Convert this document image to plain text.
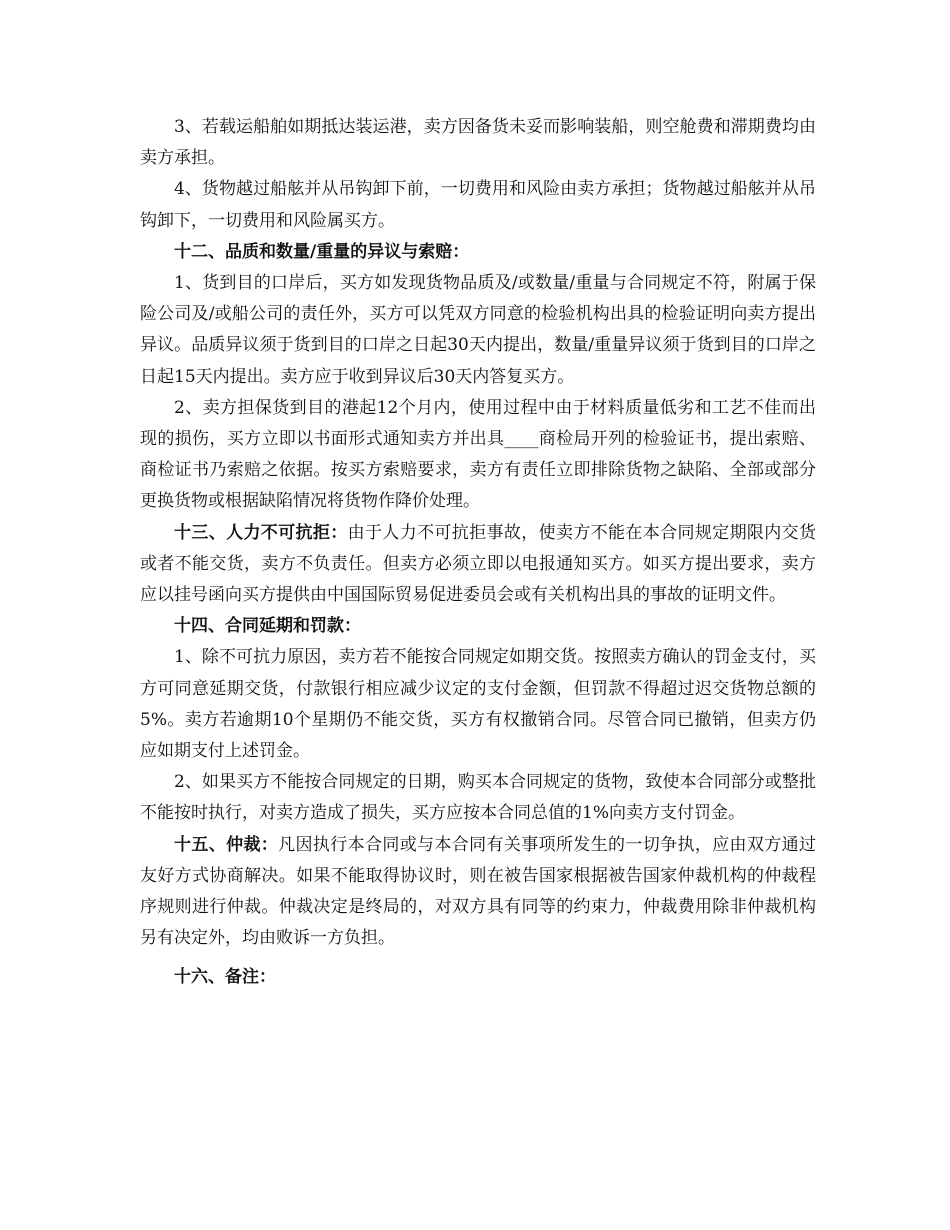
3、若载运船舶如期抵达装运港，卖方因备货未妥而影响装船，则空舱费和滞期费均由卖方承担。

4、货物越过船舷并从吊钩卸下前，一切费用和风险由卖方承担；货物越过船舷并从吊钩卸下，一切费用和风险属买方。

十二、品质和数量/重量的异议与索赔：

1、货到目的口岸后，买方如发现货物品质及/或数量/重量与合同规定不符，附属于保险公司及/或船公司的责任外，买方可以凭双方同意的检验机构出具的检验证明向卖方提出异议。品质异议须于货到目的口岸之日起30天内提出，数量/重量异议须于货到目的口岸之日起15天内提出。卖方应于收到异议后30天内答复买方。

2、卖方担保货到目的港起12个月内，使用过程中由于材料质量低劣和工艺不佳而出现的损伤，买方立即以书面形式通知卖方并出具____商检局开列的检验证书，提出索赔、商检证书乃索赔之依据。按买方索赔要求，卖方有责任立即排除货物之缺陷、全部或部分更换货物或根据缺陷情况将货物作降价处理。

十三、人力不可抗拒：由于人力不可抗拒事故，使卖方不能在本合同规定期限内交货或者不能交货，卖方不负责任。但卖方必须立即以电报通知买方。如买方提出要求，卖方应以挂号函向买方提供由中国国际贸易促进委员会或有关机构出具的事故的证明文件。

十四、合同延期和罚款：

1、除不可抗力原因，卖方若不能按合同规定如期交货。按照卖方确认的罚金支付，买方可同意延期交货，付款银行相应减少议定的支付金额，但罚款不得超过迟交货物总额的5%。卖方若逾期10个星期仍不能交货，买方有权撤销合同。尽管合同已撤销，但卖方仍应如期支付上述罚金。

2、如果买方不能按合同规定的日期，购买本合同规定的货物，致使本合同部分或整批不能按时执行，对卖方造成了损失，买方应按本合同总值的1%向卖方支付罚金。

十五、仲裁：凡因执行本合同或与本合同有关事项所发生的一切争执，应由双方通过友好方式协商解决。如果不能取得协议时，则在被告国家根据被告国家仲裁机构的仲裁程序规则进行仲裁。仲裁决定是终局的，对双方具有同等的约束力，仲裁费用除非仲裁机构另有决定外，均由败诉一方负担。

十六、备注：
